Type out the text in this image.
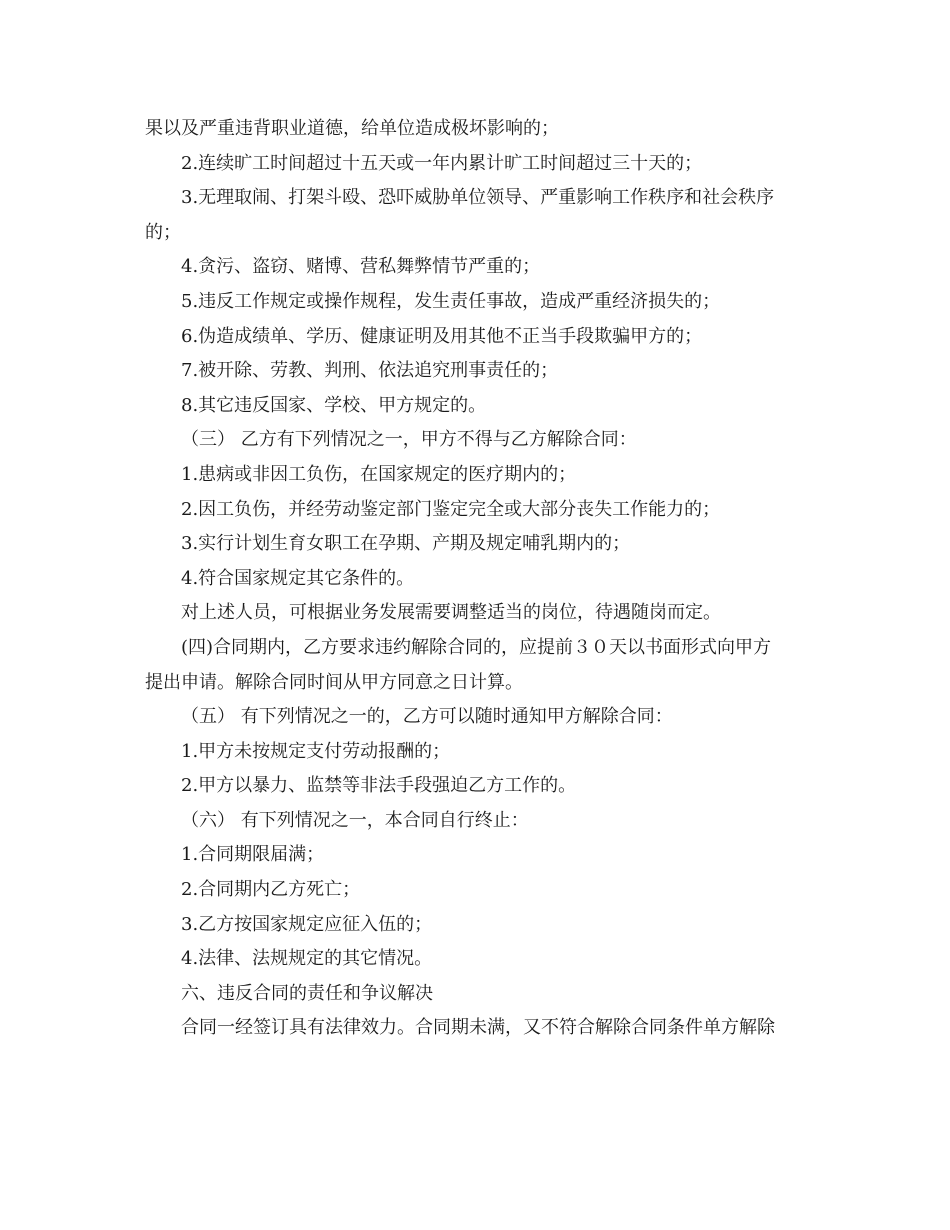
果以及严重违背职业道德，给单位造成极坏影响的；
2.连续旷工时间超过十五天或一年内累计旷工时间超过三十天的；
3.无理取闹、打架斗殴、恐吓威胁单位领导、严重影响工作秩序和社会秩序
的；
4.贪污、盗窃、赌博、营私舞弊情节严重的；
5.违反工作规定或操作规程，发生责任事故，造成严重经济损失的；
6.伪造成绩单、学历、健康证明及用其他不正当手段欺骗甲方的；
7.被开除、劳教、判刑、依法追究刑事责任的；
8.其它违反国家、学校、甲方规定的。
（三） 乙方有下列情况之一，甲方不得与乙方解除合同：
1.患病或非因工负伤，在国家规定的医疗期内的；
2.因工负伤，并经劳动鉴定部门鉴定完全或大部分丧失工作能力的；
3.实行计划生育女职工在孕期、产期及规定哺乳期内的；
4.符合国家规定其它条件的。
对上述人员，可根据业务发展需要调整适当的岗位，待遇随岗而定。
(四)合同期内，乙方要求违约解除合同的，应提前３０天以书面形式向甲方
提出申请。解除合同时间从甲方同意之日计算。
（五） 有下列情况之一的，乙方可以随时通知甲方解除合同：
1.甲方未按规定支付劳动报酬的；
2.甲方以暴力、监禁等非法手段强迫乙方工作的。
（六） 有下列情况之一，本合同自行终止：
1.合同期限届满；
2.合同期内乙方死亡；
3.乙方按国家规定应征入伍的；
4.法律、法规规定的其它情况。
六、违反合同的责任和争议解决
合同一经签订具有法律效力。合同期未满，又不符合解除合同条件单方解除
